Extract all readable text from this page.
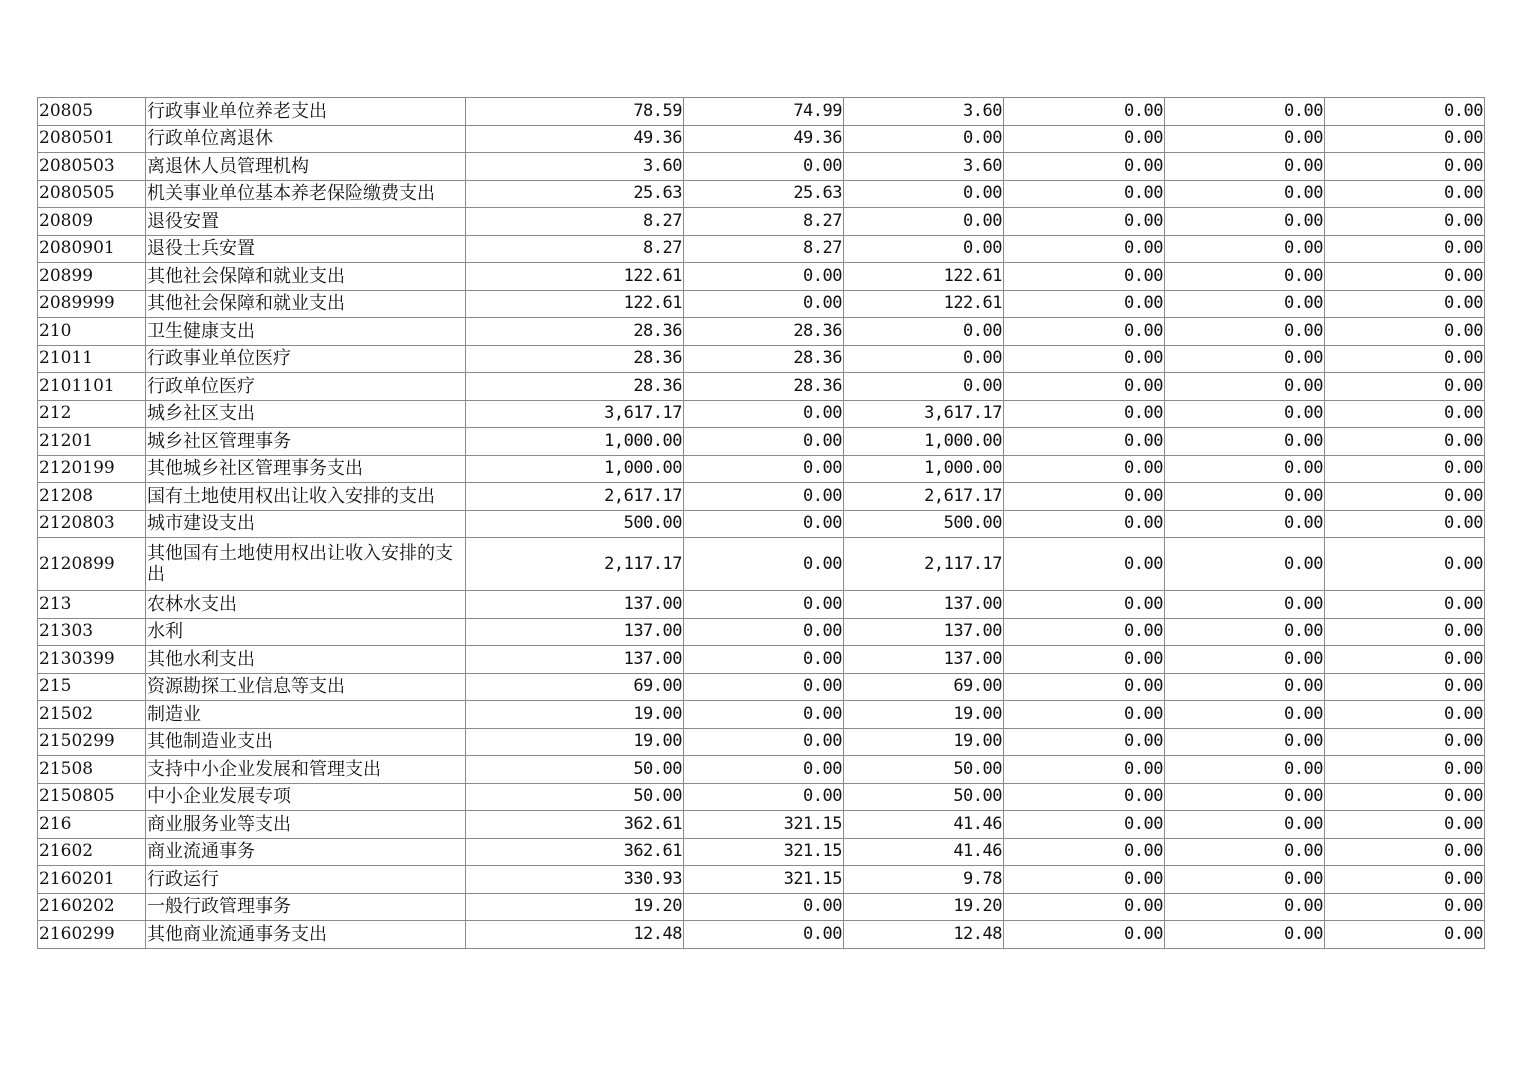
20805	行政事业单位养老支出	78.59	74.99	3.60	0.00	0.00	0.00
2080501	行政单位离退休	49.36	49.36	0.00	0.00	0.00	0.00
2080503	离退休人员管理机构	3.60	0.00	3.60	0.00	0.00	0.00
2080505	机关事业单位基本养老保险缴费支出	25.63	25.63	0.00	0.00	0.00	0.00
20809	退役安置	8.27	8.27	0.00	0.00	0.00	0.00
2080901	退役士兵安置	8.27	8.27	0.00	0.00	0.00	0.00
20899	其他社会保障和就业支出	122.61	0.00	122.61	0.00	0.00	0.00
2089999	其他社会保障和就业支出	122.61	0.00	122.61	0.00	0.00	0.00
210	卫生健康支出	28.36	28.36	0.00	0.00	0.00	0.00
21011	行政事业单位医疗	28.36	28.36	0.00	0.00	0.00	0.00
2101101	行政单位医疗	28.36	28.36	0.00	0.00	0.00	0.00
212	城乡社区支出	3,617.17	0.00	3,617.17	0.00	0.00	0.00
21201	城乡社区管理事务	1,000.00	0.00	1,000.00	0.00	0.00	0.00
2120199	其他城乡社区管理事务支出	1,000.00	0.00	1,000.00	0.00	0.00	0.00
21208	国有土地使用权出让收入安排的支出	2,617.17	0.00	2,617.17	0.00	0.00	0.00
2120803	城市建设支出	500.00	0.00	500.00	0.00	0.00	0.00
2120899	其他国有土地使用权出让收入安排的支出	2,117.17	0.00	2,117.17	0.00	0.00	0.00
213	农林水支出	137.00	0.00	137.00	0.00	0.00	0.00
21303	水利	137.00	0.00	137.00	0.00	0.00	0.00
2130399	其他水利支出	137.00	0.00	137.00	0.00	0.00	0.00
215	资源勘探工业信息等支出	69.00	0.00	69.00	0.00	0.00	0.00
21502	制造业	19.00	0.00	19.00	0.00	0.00	0.00
2150299	其他制造业支出	19.00	0.00	19.00	0.00	0.00	0.00
21508	支持中小企业发展和管理支出	50.00	0.00	50.00	0.00	0.00	0.00
2150805	中小企业发展专项	50.00	0.00	50.00	0.00	0.00	0.00
216	商业服务业等支出	362.61	321.15	41.46	0.00	0.00	0.00
21602	商业流通事务	362.61	321.15	41.46	0.00	0.00	0.00
2160201	行政运行	330.93	321.15	9.78	0.00	0.00	0.00
2160202	一般行政管理事务	19.20	0.00	19.20	0.00	0.00	0.00
2160299	其他商业流通事务支出	12.48	0.00	12.48	0.00	0.00	0.00
